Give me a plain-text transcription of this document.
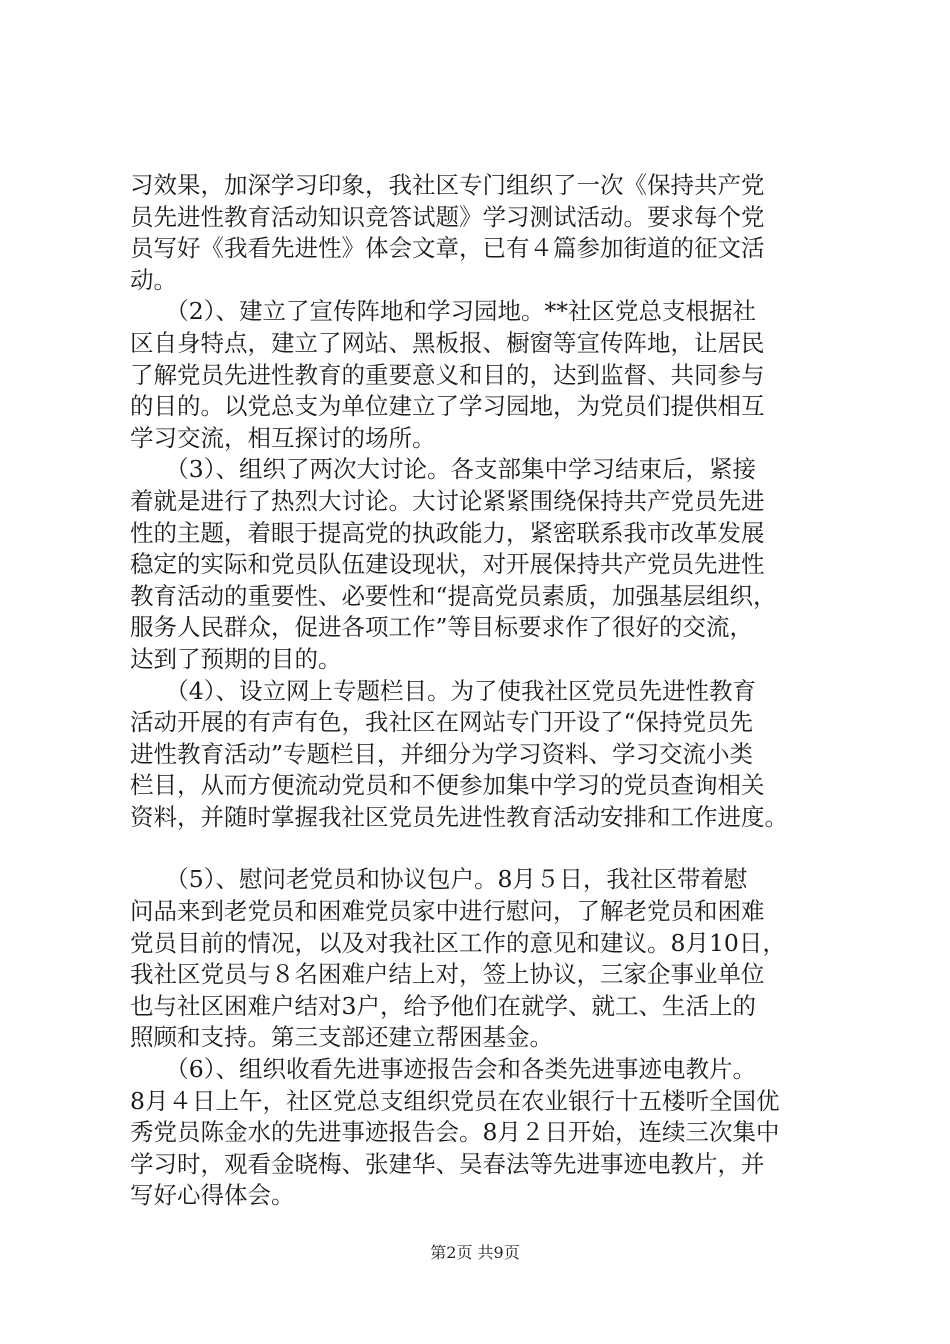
习效果，加深学习印象，我社区专门组织了一次《保持共产党
员先进性教育活动知识竞答试题》学习测试活动。要求每个党
员写好《我看先进性》体会文章，已有４篇参加街道的征文活
动。
　　（2）、建立了宣传阵地和学习园地。**社区党总支根据社
区自身特点，建立了网站、黑板报、橱窗等宣传阵地，让居民
了解党员先进性教育的重要意义和目的，达到监督、共同参与
的目的。以党总支为单位建立了学习园地，为党员们提供相互
学习交流，相互探讨的场所。
　　（3）、组织了两次大讨论。各支部集中学习结束后，紧接
着就是进行了热烈大讨论。大讨论紧紧围绕保持共产党员先进
性的主题，着眼于提高党的执政能力，紧密联系我市改革发展
稳定的实际和党员队伍建设现状，对开展保持共产党员先进性
教育活动的重要性、必要性和“提高党员素质，加强基层组织，
服务人民群众，促进各项工作”等目标要求作了很好的交流，
达到了预期的目的。
　　（4）、设立网上专题栏目。为了使我社区党员先进性教育
活动开展的有声有色，我社区在网站专门开设了“保持党员先
进性教育活动”专题栏目，并细分为学习资料、学习交流小类
栏目，从而方便流动党员和不便参加集中学习的党员查询相关
资料，并随时掌握我社区党员先进性教育活动安排和工作进度。
　　（5）、慰问老党员和协议包户。8月５日，我社区带着慰
问品来到老党员和困难党员家中进行慰问，了解老党员和困难
党员目前的情况，以及对我社区工作的意见和建议。8月10日，
我社区党员与８名困难户结上对，签上协议，三家企事业单位
也与社区困难户结对3户，给予他们在就学、就工、生活上的
照顾和支持。第三支部还建立帮困基金。
　　（6）、组织收看先进事迹报告会和各类先进事迹电教片。
8月４日上午，社区党总支组织党员在农业银行十五楼听全国优
秀党员陈金水的先进事迹报告会。8月２日开始，连续三次集中
学习时，观看金晓梅、张建华、吴春法等先进事迹电教片，并
写好心得体会。
第2页 共9页
